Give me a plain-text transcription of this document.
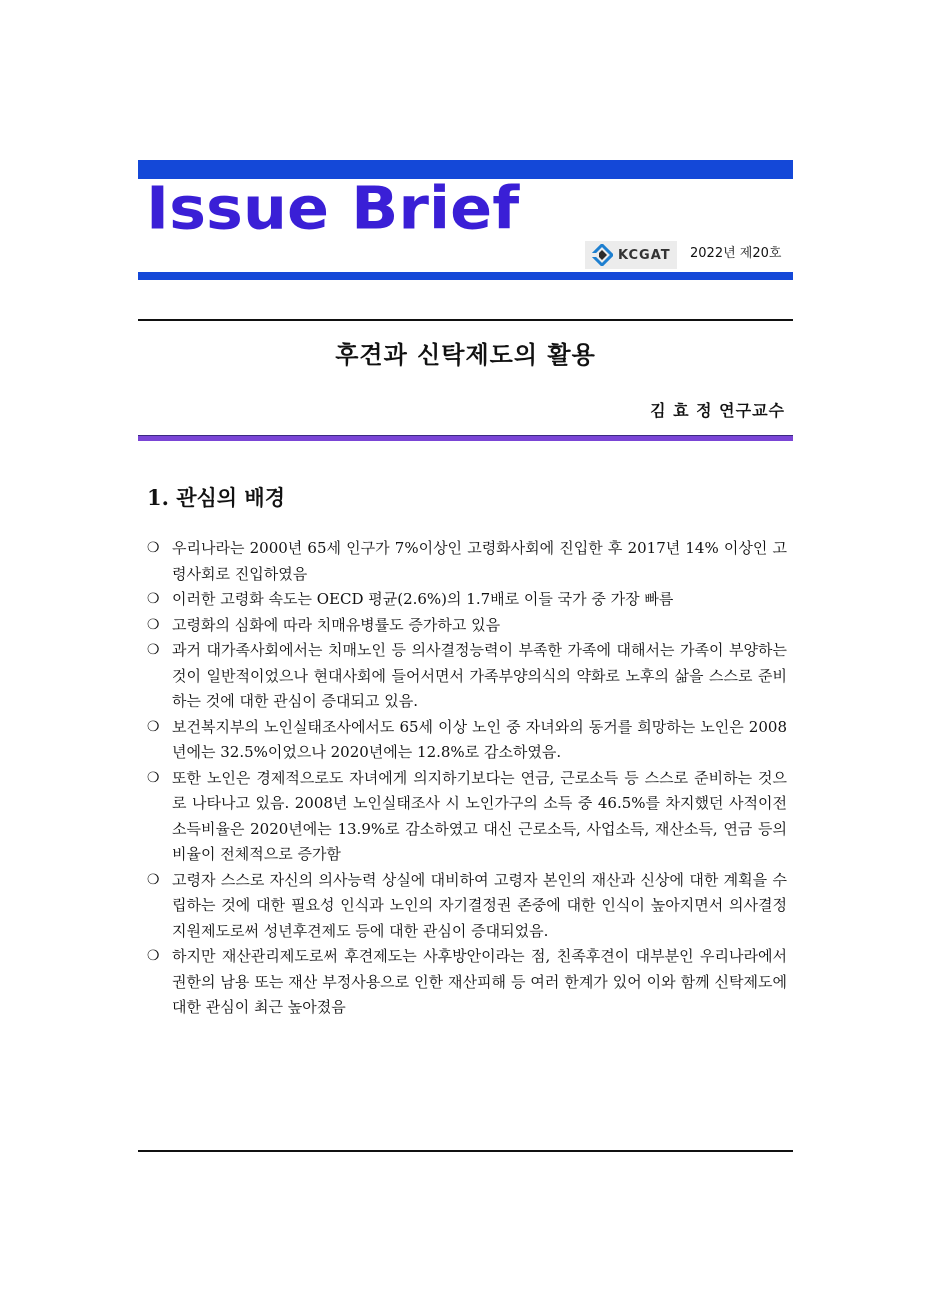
Issue Brief
KCGAT 2022년 제20호
후견과 신탁제도의 활용
김 효 정 연구교수
1. 관심의 배경
❍ 우리나라는 2000년 65세 인구가 7%이상인 고령화사회에 진입한 후 2017년 14% 이상인 고령사회로 진입하였음
❍ 이러한 고령화 속도는 OECD 평균(2.6%)의 1.7배로 이들 국가 중 가장 빠름
❍ 고령화의 심화에 따라 치매유병률도 증가하고 있음
❍ 과거 대가족사회에서는 치매노인 등 의사결정능력이 부족한 가족에 대해서는 가족이 부양하는 것이 일반적이었으나 현대사회에 들어서면서 가족부양의식의 약화로 노후의 삶을 스스로 준비하는 것에 대한 관심이 증대되고 있음.
❍ 보건복지부의 노인실태조사에서도 65세 이상 노인 중 자녀와의 동거를 희망하는 노인은 2008년에는 32.5%이었으나 2020년에는 12.8%로 감소하였음.
❍ 또한 노인은 경제적으로도 자녀에게 의지하기보다는 연금, 근로소득 등 스스로 준비하는 것으로 나타나고 있음. 2008년 노인실태조사 시 노인가구의 소득 중 46.5%를 차지했던 사적이전 소득비율은 2020년에는 13.9%로 감소하였고 대신 근로소득, 사업소득, 재산소득, 연금 등의 비율이 전체적으로 증가함
❍ 고령자 스스로 자신의 의사능력 상실에 대비하여 고령자 본인의 재산과 신상에 대한 계획을 수립하는 것에 대한 필요성 인식과 노인의 자기결정권 존중에 대한 인식이 높아지면서 의사결정지원제도로써 성년후견제도 등에 대한 관심이 증대되었음.
❍ 하지만 재산관리제도로써 후견제도는 사후방안이라는 점, 친족후견이 대부분인 우리나라에서 권한의 남용 또는 재산 부정사용으로 인한 재산피해 등 여러 한계가 있어 이와 함께 신탁제도에 대한 관심이 최근 높아졌음
